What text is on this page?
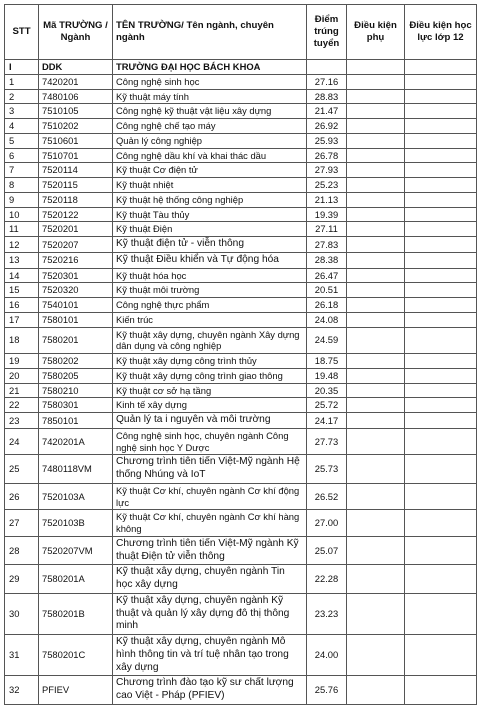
STT	Mã TRƯỜNG / Ngành	TÊN TRƯỜNG/ Tên ngành, chuyên ngành	Điểm trúng tuyển	Điều kiện phụ	Điều kiện học lực lớp 12
I	DDK	TRƯỜNG ĐẠI HỌC BÁCH KHOA			
1	7420201	Công nghệ sinh học	27.16		
2	7480106	Kỹ thuật máy tính	28.83		
3	7510105	Công nghệ kỹ thuật vật liệu xây dựng	21.47		
4	7510202	Công nghệ chế tạo máy	26.92		
5	7510601	Quản lý công nghiệp	25.93		
6	7510701	Công nghệ dầu khí và khai thác dầu	26.78		
7	7520114	Kỹ thuật Cơ điện tử	27.93		
8	7520115	Kỹ thuật nhiệt	25.23		
9	7520118	Kỹ thuật hệ thống công nghiệp	21.13		
10	7520122	Kỹ thuật Tàu thủy	19.39		
11	7520201	Kỹ thuật Điện	27.11		
12	7520207	Kỹ thuật điện tử - viễn thông	27.83		
13	7520216	Kỹ thuật Điều khiển và Tự động hóa	28.38		
14	7520301	Kỹ thuật hóa học	26.47		
15	7520320	Kỹ thuật môi trường	20.51		
16	7540101	Công nghệ thực phẩm	26.18		
17	7580101	Kiến trúc	24.08		
18	7580201	Kỹ thuật xây dựng, chuyên ngành Xây dựng dân dụng và công nghiệp	24.59		
19	7580202	Kỹ thuật xây dựng công trình thủy	18.75		
20	7580205	Kỹ thuật xây dựng công trình giao thông	19.48		
21	7580210	Kỹ thuật cơ sở hạ tầng	20.35		
22	7580301	Kinh tế xây dựng	25.72		
23	7850101	Quản lý ta i nguyên và môi trường	24.17		
24	7420201A	Công nghệ sinh học, chuyên ngành Công nghệ sinh học Y Dược	27.73		
25	7480118VM	Chương trình tiên tiến Việt-Mỹ ngành Hệ thống Nhúng và IoT	25.73		
26	7520103A	Kỹ thuật Cơ khí, chuyên ngành Cơ khí động lực	26.52		
27	7520103B	Kỹ thuật Cơ khí, chuyên ngành Cơ khí hàng không	27.00		
28	7520207VM	Chương trình tiên tiến Việt-Mỹ ngành Kỹ thuật Điện tử viễn thông	25.07		
29	7580201A	Kỹ thuật xây dựng, chuyên ngành Tin học xây dựng	22.28		
30	7580201B	Kỹ thuật xây dựng, chuyên ngành Kỹ thuật và quản lý xây dựng đô thị thông minh	23.23		
31	7580201C	Kỹ thuật xây dựng, chuyên ngành Mô hình thông tin và trí tuệ nhân tạo trong xây dựng	24.00		
32	PFIEV	Chương trình đào tạo kỹ sư chất lượng cao Việt - Pháp (PFIEV)	25.76		
